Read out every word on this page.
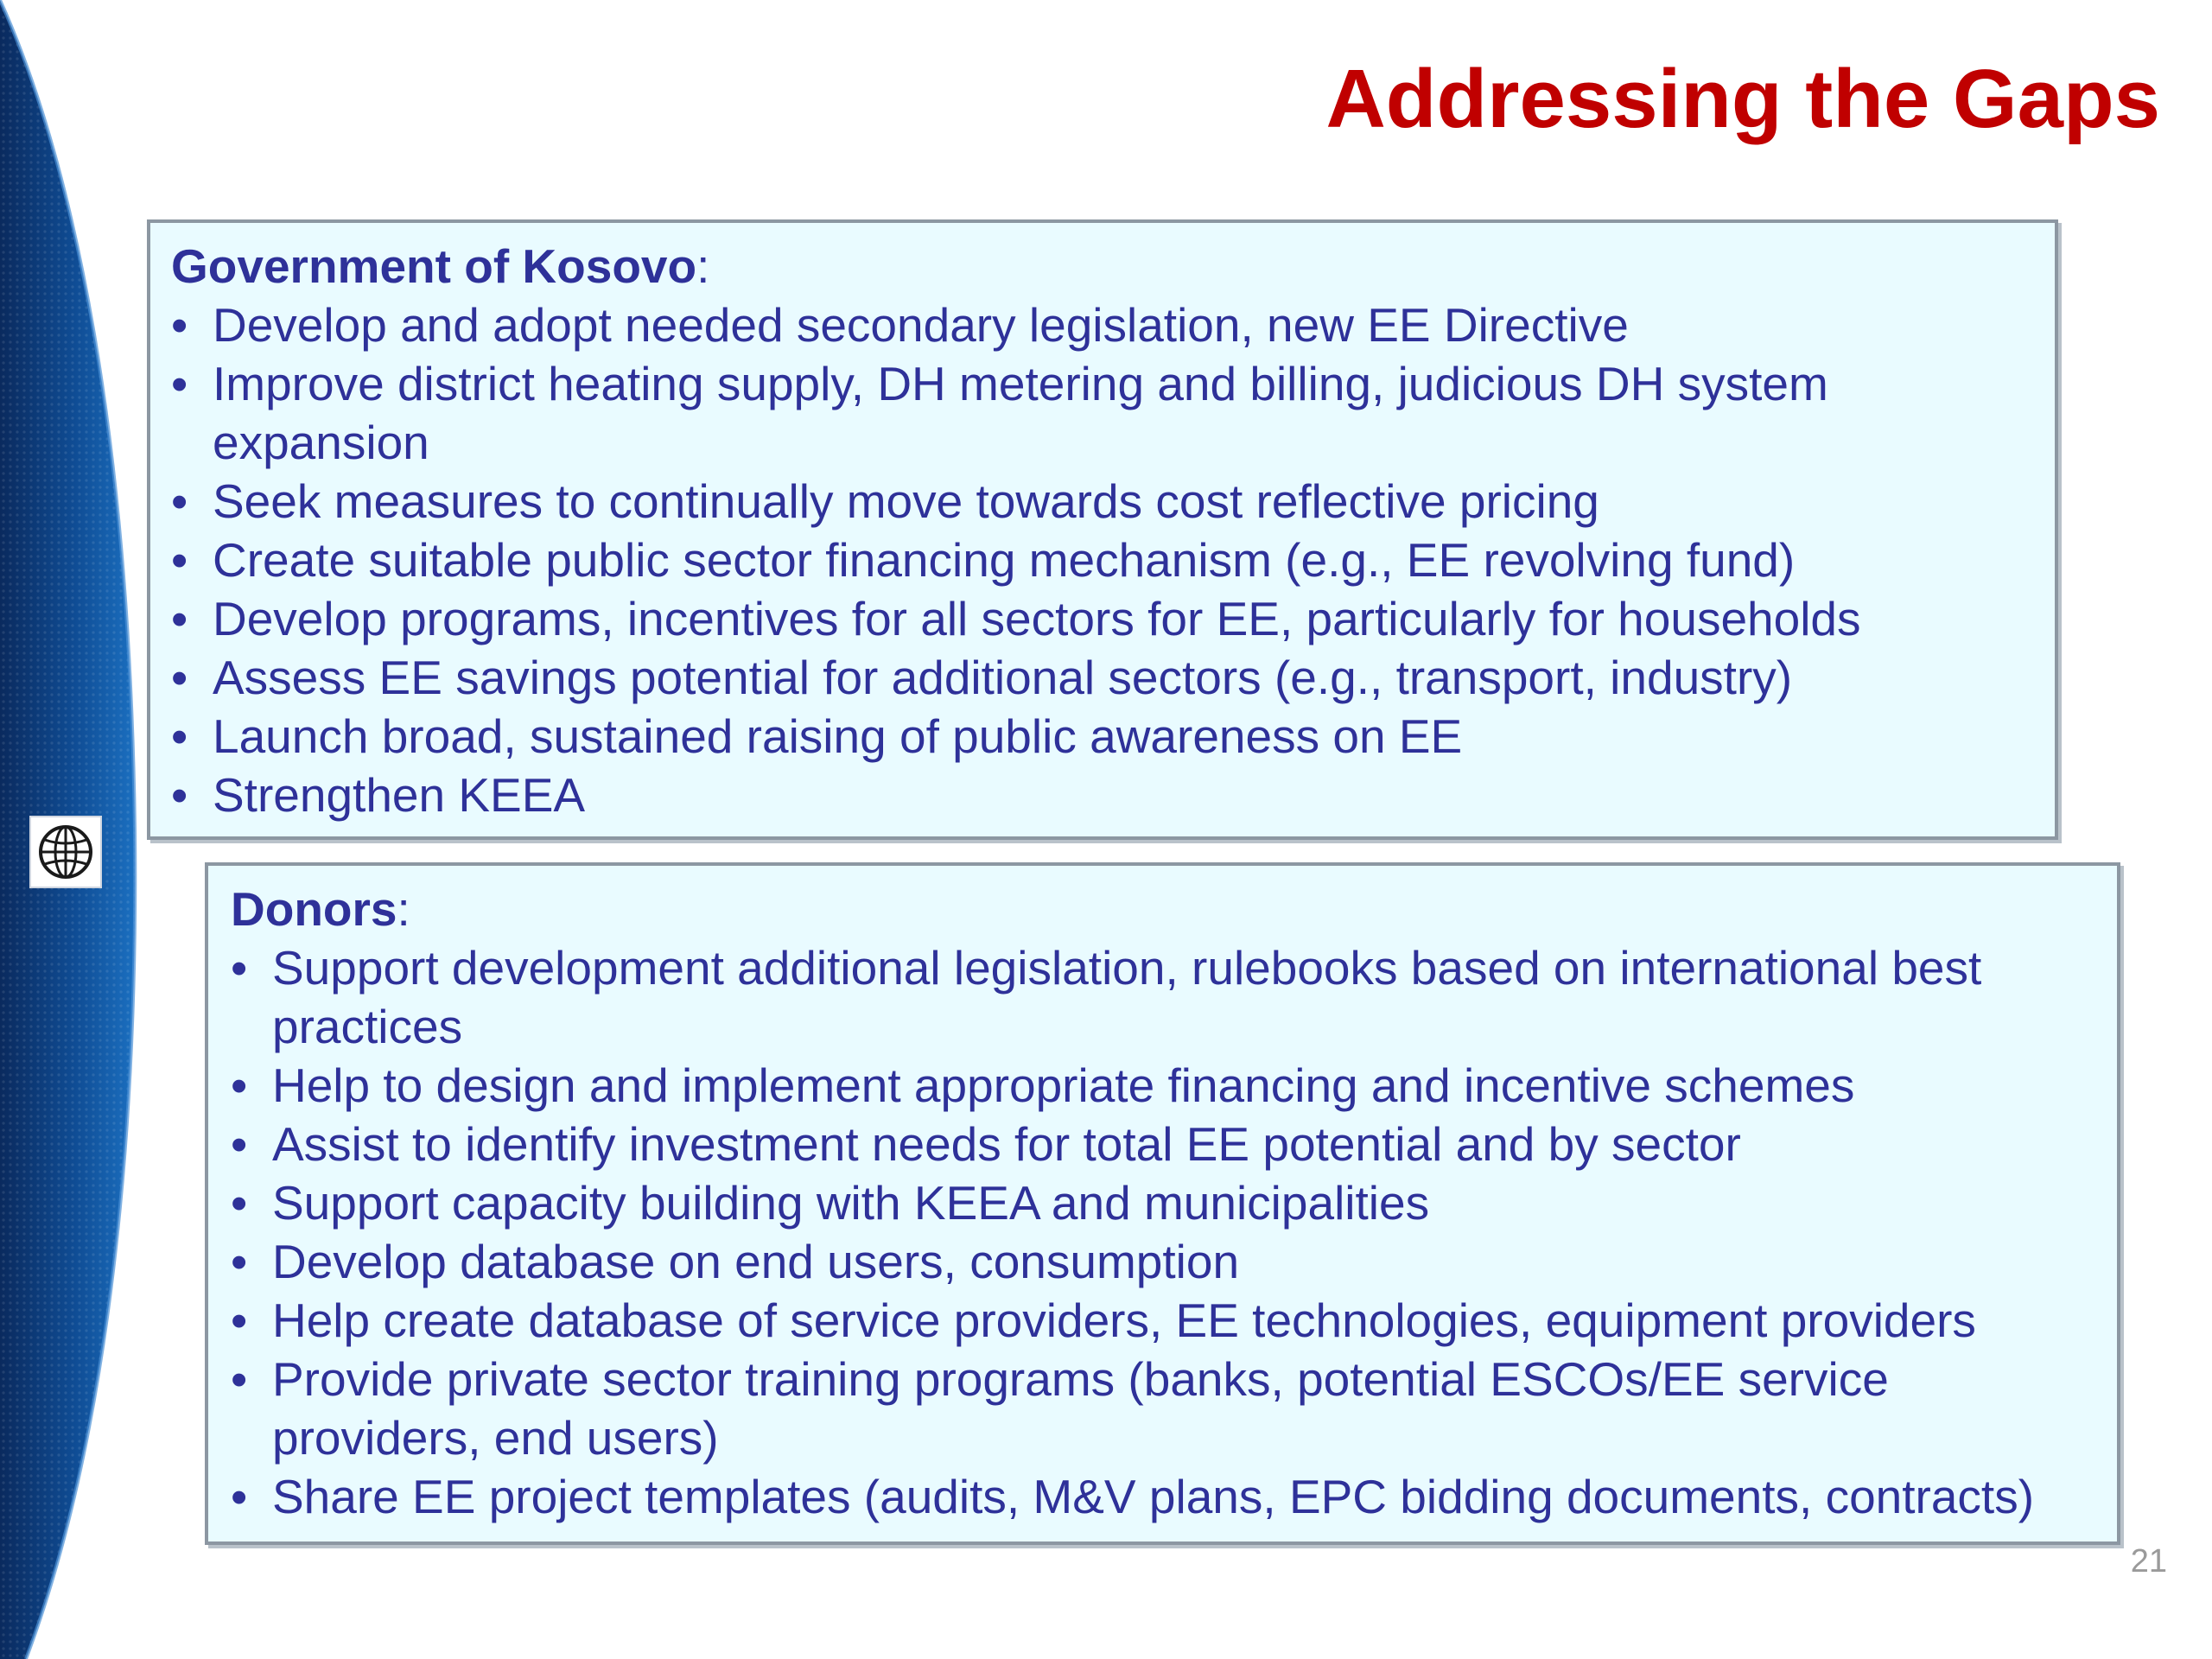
Addressing the Gaps

Government of Kosovo:

• Develop and adopt needed secondary legislation, new EE Directive
• Improve district heating supply, DH metering and billing, judicious DH system expansion
• Seek measures to continually move towards cost reflective pricing
• Create suitable public sector financing mechanism (e.g., EE revolving fund)
• Develop programs, incentives for all sectors for EE, particularly for households
• Assess EE savings potential for additional sectors (e.g., transport, industry)
• Launch broad, sustained raising of public awareness on EE
• Strengthen KEEA

Donors:

• Support development additional legislation, rulebooks based on international best practices
• Help to design and implement appropriate financing and incentive schemes
• Assist to identify investment needs for total EE potential and by sector
• Support capacity building with KEEA and municipalities
• Develop database on end users, consumption
• Help create database of service providers, EE technologies, equipment providers
• Provide private sector training programs (banks, potential ESCOs/EE service providers, end users)
• Share EE project templates (audits, M&V plans, EPC bidding documents, contracts)
21
